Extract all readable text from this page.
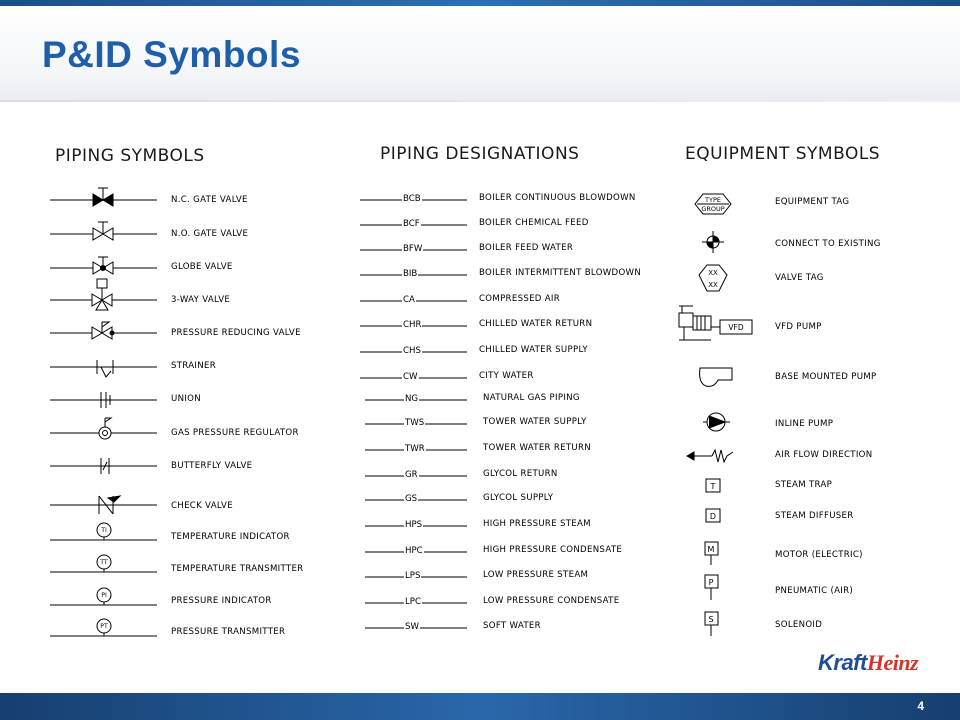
P&ID Symbols
PIPING SYMBOLS	PIPING DESIGNATIONS	EQUIPMENT SYMBOLS
TI
TT
PI
PT
TYPE
GROUP
XX
XX
VFD
T
D
M
P
S
N.C. GATE VALVE
N.O. GATE VALVE
GLOBE VALVE
3-WAY VALVE
PRESSURE REDUCING VALVE
STRAINER
UNION
GAS PRESSURE REGULATOR
BUTTERFLY VALVE
CHECK VALVE
TEMPERATURE INDICATOR
TEMPERATURE TRANSMITTER
PRESSURE INDICATOR
PRESSURE TRANSMITTER
BCB	BOILER CONTINUOUS BLOWDOWN
BCF	BOILER CHEMICAL FEED
BFW	BOILER FEED WATER
BIB	BOILER INTERMITTENT BLOWDOWN
CA	COMPRESSED AIR
CHR	CHILLED WATER RETURN
CHS	CHILLED WATER SUPPLY
CW	CITY WATER
NG	NATURAL GAS PIPING
TWS	TOWER WATER SUPPLY
TWR	TOWER WATER RETURN
GR	GLYCOL RETURN
GS	GLYCOL SUPPLY
HPS	HIGH PRESSURE STEAM
HPC	HIGH PRESSURE CONDENSATE
LPS	LOW PRESSURE STEAM
LPC	LOW PRESSURE CONDENSATE
SW	SOFT WATER
EQUIPMENT TAG
CONNECT TO EXISTING
VALVE TAG
VFD PUMP
BASE MOUNTED PUMP
INLINE PUMP
AIR FLOW DIRECTION
STEAM TRAP
STEAM DIFFUSER
MOTOR (ELECTRIC)
PNEUMATIC (AIR)
SOLENOID
KraftHeinz
4
